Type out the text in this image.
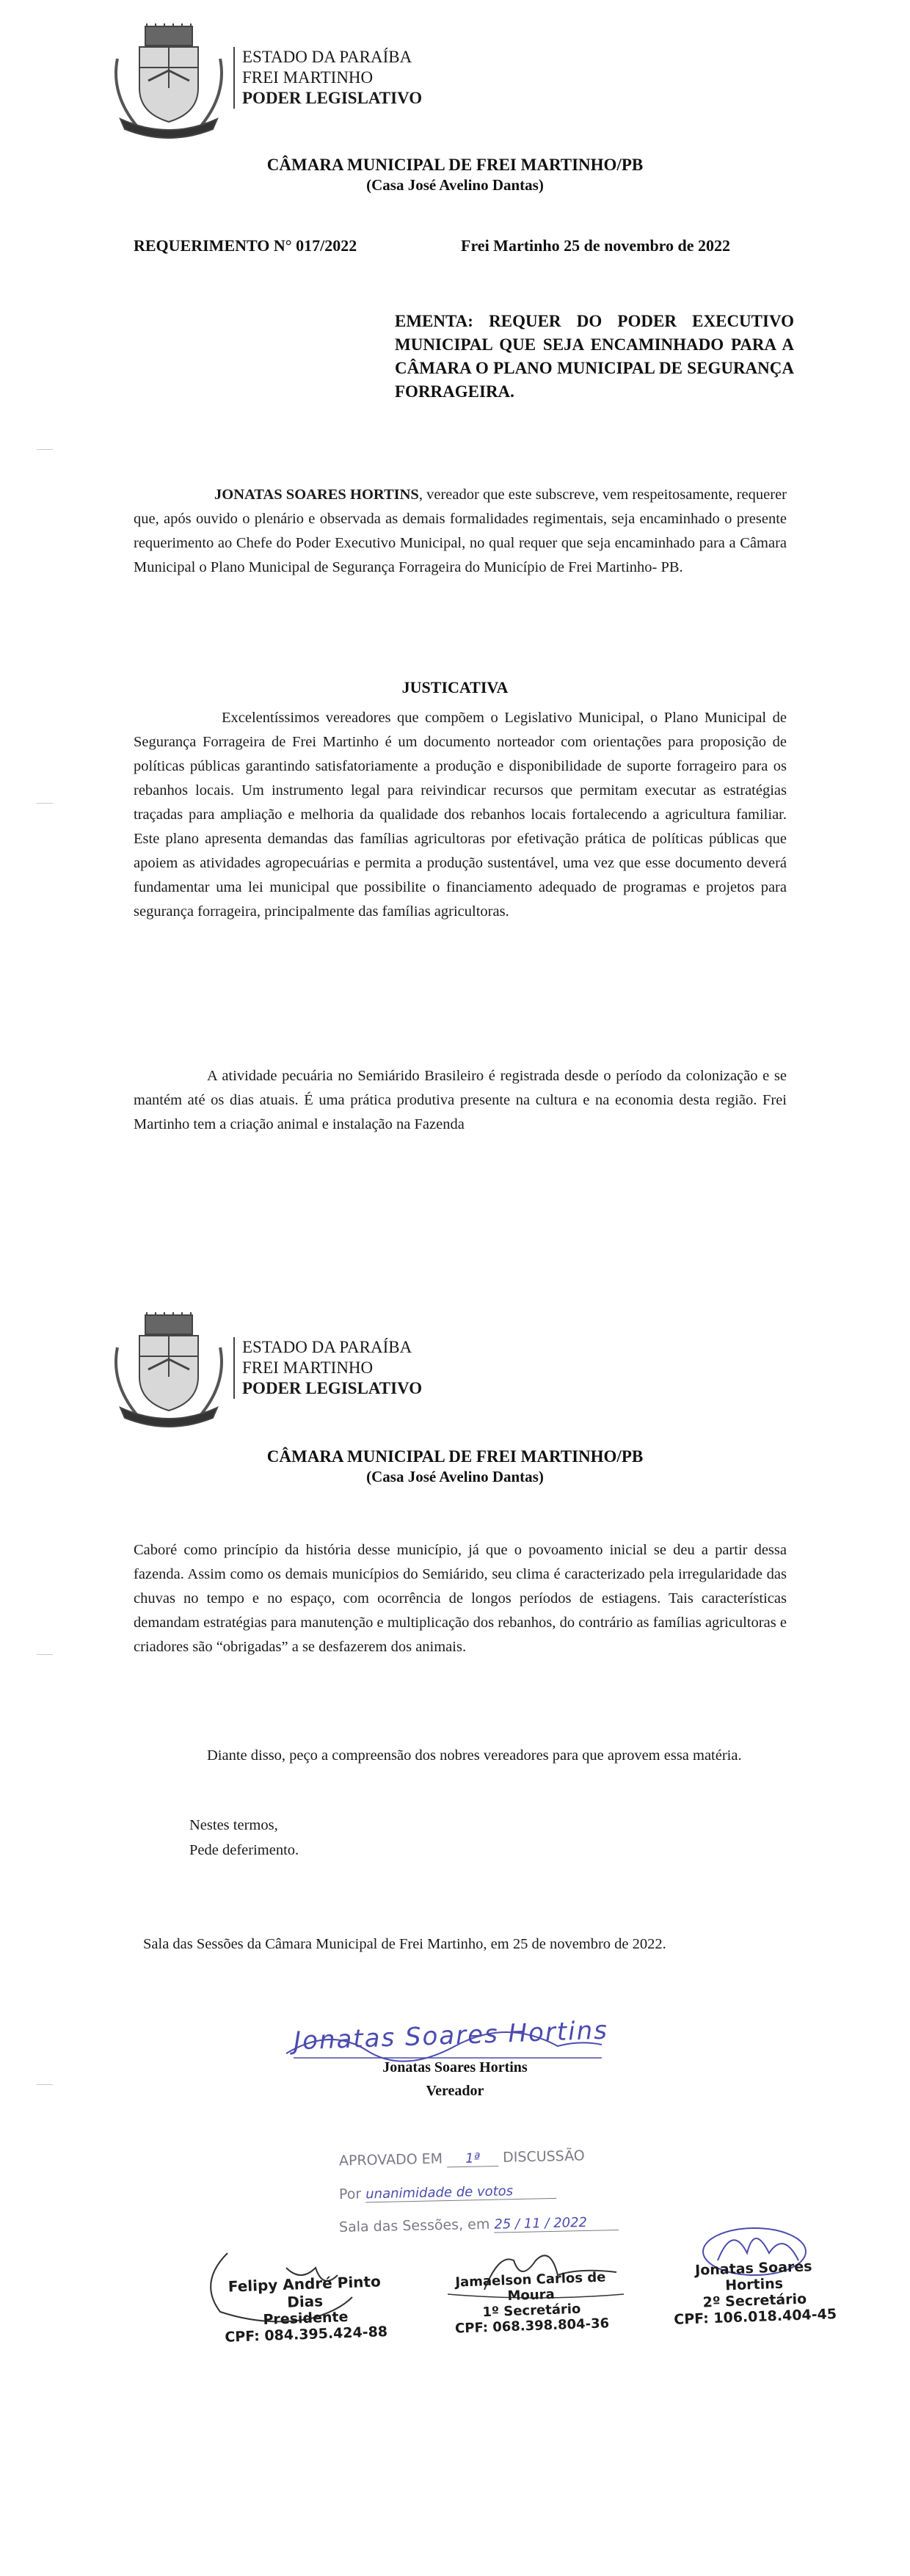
ESTADO DA PARAÍBA
FREI MARTINHO
PODER LEGISLATIVO
CÂMARA MUNICIPAL DE FREI MARTINHO/PB
(Casa José Avelino Dantas)
REQUERIMENTO N° 017/2022	Frei Martinho 25 de novembro de 2022
EMENTA: REQUER DO PODER EXECUTIVO MUNICIPAL QUE SEJA ENCAMINHADO PARA A CÂMARA O PLANO MUNICIPAL DE SEGURANÇA FORRAGEIRA.
JONATAS SOARES HORTINS, vereador que este subscreve, vem respeitosamente, requerer que, após ouvido o plenário e observada as demais formalidades regimentais, seja encaminhado o presente requerimento ao Chefe do Poder Executivo Municipal, no qual requer que seja encaminhado para a Câmara Municipal o Plano Municipal de Segurança Forrageira do Município de Frei Martinho- PB.
JUSTICATIVA
Excelentíssimos vereadores que compõem o Legislativo Municipal, o Plano Municipal de Segurança Forrageira de Frei Martinho é um documento norteador com orientações para proposição de políticas públicas garantindo satisfatoriamente a produção e disponibilidade de suporte forrageiro para os rebanhos locais. Um instrumento legal para reivindicar recursos que permitam executar as estratégias traçadas para ampliação e melhoria da qualidade dos rebanhos locais fortalecendo a agricultura familiar. Este plano apresenta demandas das famílias agricultoras por efetivação prática de políticas públicas que apoiem as atividades agropecuárias e permita a produção sustentável, uma vez que esse documento deverá fundamentar uma lei municipal que possibilite o financiamento adequado de programas e projetos para segurança forrageira, principalmente das famílias agricultoras.
A atividade pecuária no Semiárido Brasileiro é registrada desde o período da colonização e se mantém até os dias atuais. É uma prática produtiva presente na cultura e na economia desta região. Frei Martinho tem a criação animal e instalação na Fazenda
ESTADO DA PARAÍBA
FREI MARTINHO
PODER LEGISLATIVO
CÂMARA MUNICIPAL DE FREI MARTINHO/PB
(Casa José Avelino Dantas)
Caboré como princípio da história desse município, já que o povoamento inicial se deu a partir dessa fazenda. Assim como os demais municípios do Semiárido, seu clima é caracterizado pela irregularidade das chuvas no tempo e no espaço, com ocorrência de longos períodos de estiagens. Tais características demandam estratégias para manutenção e multiplicação dos rebanhos, do contrário as famílias agricultoras e criadores são “obrigadas” a se desfazerem dos animais.
Diante disso, peço a compreensão dos nobres vereadores para que aprovem essa matéria.
Nestes termos,
Pede deferimento.
Sala das Sessões da Câmara Municipal de Frei Martinho, em 25 de novembro de 2022.
Jonatas Soares Hortins
Jonatas Soares Hortins
Vereador
APROVADO EM 1ª DISCUSSÃO
Por unanimidade de votos
Sala das Sessões, em 25 / 11 / 2022
Felipy André Pinto Dias
Presidente
CPF: 084.395.424-88
Jamaelson Carlos de Moura
1º Secretário
CPF: 068.398.804-36
Jonatas Soares Hortins
2º Secretário
CPF: 106.018.404-45
